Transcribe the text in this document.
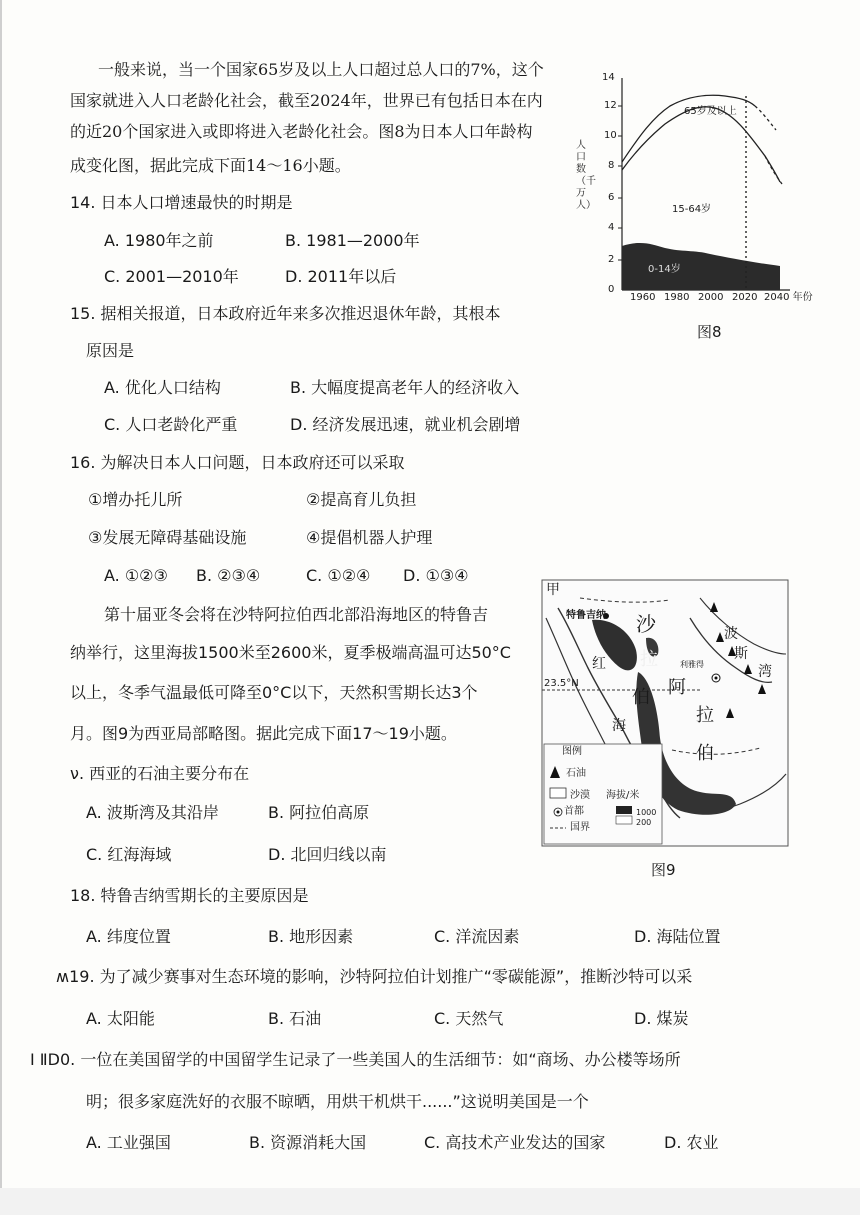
一般来说，当一个国家65岁及以上人口超过总人口的7%，这个
国家就进入人口老龄化社会，截至2024年，世界已有包括日本在内
的近20个国家进入或即将进入老龄化社会。图8为日本人口年龄构
成变化图，据此完成下面14～16小题。
14. 日本人口增速最快的时期是
A. 1980年之前	B. 1981—2000年
C. 2001—2010年	D. 2011年以后
15. 据相关报道，日本政府近年来多次推迟退休年龄，其根本
原因是
A. 优化人口结构	B. 大幅度提高老年人的经济收入
C. 人口老龄化严重	D. 经济发展迅速，就业机会剧增
16. 为解决日本人口问题，日本政府还可以采取
①增办托儿所	②提高育儿负担
③发展无障碍基础设施	④提倡机器人护理
A. ①②③ B. ②③④	C. ①②④ D. ①③④
第十届亚冬会将在沙特阿拉伯西北部沿海地区的特鲁吉
纳举行，这里海拔1500米至2600米，夏季极端高温可达50°C
以上，冬季气温最低可降至0°C以下，天然积雪期长达3个
月。图9为西亚局部略图。据此完成下面17～19小题。
ν. 西亚的石油主要分布在
A. 波斯湾及其沿岸	B. 阿拉伯高原
C. 红海海域	D. 北回归线以南
18. 特鲁吉纳雪期长的主要原因是
A. 纬度位置	B. 地形因素	C. 洋流因素	D. 海陆位置
ʍ19. 为了减少赛事对生态环境的影响，沙特阿拉伯计划推广“零碳能源”，推断沙特可以采
A. 太阳能	B. 石油	C. 天然气	D. 煤炭
I ⅡD0. 一位在美国留学的中国留学生记录了一些美国人的生活细节：如“商场、办公楼等场所
明；很多家庭洗好的衣服不晾晒，用烘干机烘干......”这说明美国是一个
A. 工业强国	B. 资源消耗大国	C. 高技术产业发达的国家	D. 农业
14
12
10
8
6
4
2
0
人口数（千万人）
65岁及以上
15-64岁
0-14岁
1960 1980 2000 2020 2040 年份
图8
甲
特鲁吉纳 沙
拉
伯 阿
拉
伯
红
海
波
斯
湾
利雅得
23.5°N
图例
石油
沙漠
首都
国界
海拔/米
1000
200
图9
